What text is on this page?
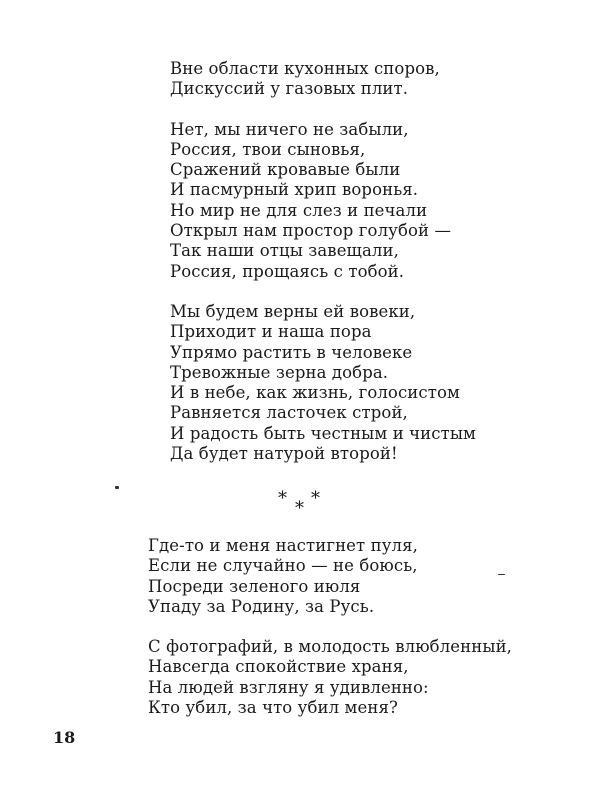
Вне области кухонных споров,
Дискуссий у газовых плит.
Нет, мы ничего не забыли,
Россия, твои сыновья,
Сражений кровавые были
И пасмурный хрип воронья.
Но мир не для слез и печали
Открыл нам простор голубой —
Так наши отцы завещали,
Россия, прощаясь с тобой.
Мы будем верны ей вовеки,
Приходит и наша пора
Упрямо растить в человеке
Тревожные зерна добра.
И в небе, как жизнь, голосистом
Равняется ласточек строй,
И радость быть честным и чистым
Да будет натурой второй!
* * *
Где-то и меня настигнет пуля,
Если не случайно — не боюсь,
Посреди зеленого июля
Упаду за Родину, за Русь.
С фотографий, в молодость влюбленный,
Навсегда спокойствие храня,
На людей взгляну я удивленно:
Кто убил, за что убил меня?
18
